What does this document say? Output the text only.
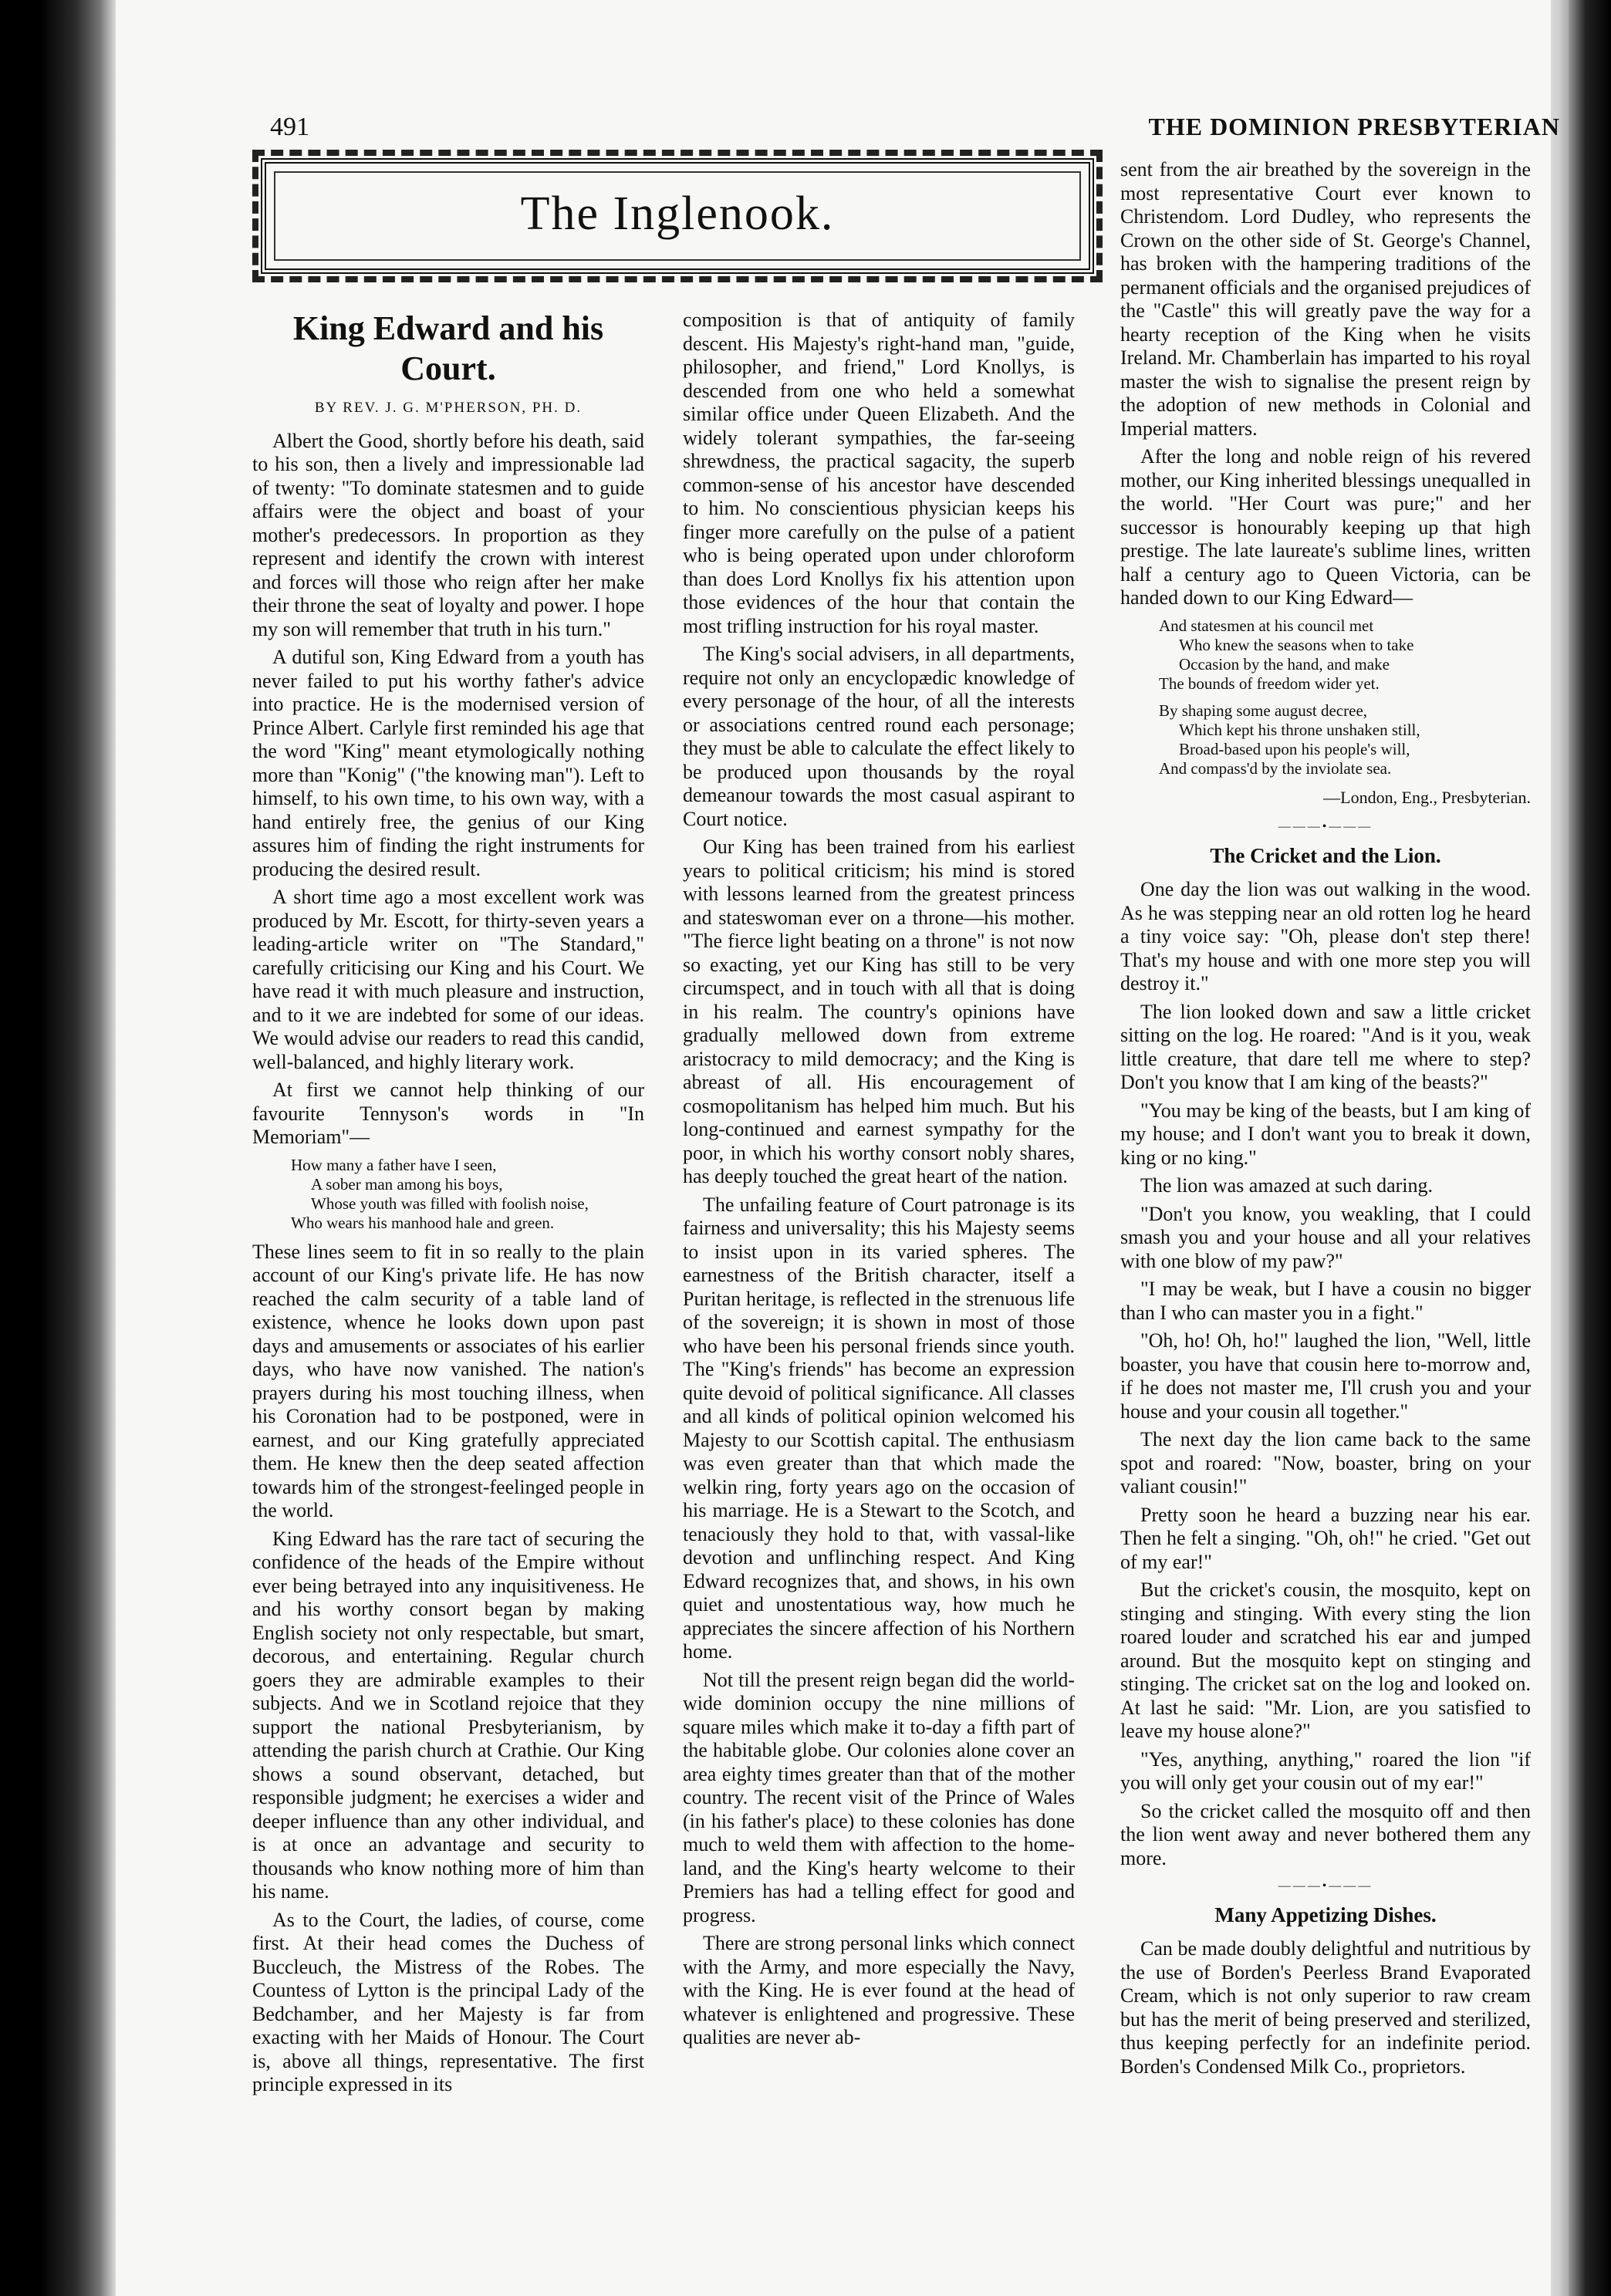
491	THE DOMINION PRESBYTERIAN
The Inglenook.
King Edward and his
Court.
BY REV. J. G. M'PHERSON, PH. D.

Albert the Good, shortly before his death, said to his son, then a lively and impressionable lad of twenty: "To dominate statesmen and to guide affairs were the object and boast of your mother's predecessors. In proportion as they represent and identify the crown with interest and forces will those who reign after her make their throne the seat of loyalty and power. I hope my son will remember that truth in his turn."

A dutiful son, King Edward from a youth has never failed to put his worthy father's advice into practice. He is the modernised version of Prince Albert. Carlyle first reminded his age that the word "King" meant etymologically nothing more than "Konig" ("the knowing man"). Left to himself, to his own time, to his own way, with a hand entirely free, the genius of our King assures him of finding the right instruments for producing the desired result.

A short time ago a most excellent work was produced by Mr. Escott, for thirty-seven years a leading-article writer on "The Standard," carefully criticising our King and his Court. We have read it with much pleasure and instruction, and to it we are indebted for some of our ideas. We would advise our readers to read this candid, well-balanced, and highly literary work.

At first we cannot help thinking of our favourite Tennyson's words in "In Memoriam"—

How many a father have I seen,
A sober man among his boys,
Whose youth was filled with foolish noise,
Who wears his manhood hale and green.

These lines seem to fit in so really to the plain account of our King's private life. He has now reached the calm security of a table land of existence, whence he looks down upon past days and amusements or associates of his earlier days, who have now vanished. The nation's prayers during his most touching illness, when his Coronation had to be postponed, were in earnest, and our King gratefully appreciated them. He knew then the deep seated affection towards him of the strongest-feelinged people in the world.

King Edward has the rare tact of securing the confidence of the heads of the Empire without ever being betrayed into any inquisitiveness. He and his worthy consort began by making English society not only respectable, but smart, decorous, and entertaining. Regular church goers they are admirable examples to their subjects. And we in Scotland rejoice that they support the national Presbyterianism, by attending the parish church at Crathie. Our King shows a sound observant, detached, but responsible judgment; he exercises a wider and deeper influence than any other individual, and is at once an advantage and security to thousands who know nothing more of him than his name.

As to the Court, the ladies, of course, come first. At their head comes the Duchess of Buccleuch, the Mistress of the Robes. The Countess of Lytton is the principal Lady of the Bedchamber, and her Majesty is far from exacting with her Maids of Honour. The Court is, above all things, representative. The first principle expressed in its

composition is that of antiquity of family descent. His Majesty's right-hand man, "guide, philosopher, and friend," Lord Knollys, is descended from one who held a somewhat similar office under Queen Elizabeth. And the widely tolerant sympathies, the far-seeing shrewdness, the practical sagacity, the superb common-sense of his ancestor have descended to him. No conscientious physician keeps his finger more carefully on the pulse of a patient who is being operated upon under chloroform than does Lord Knollys fix his attention upon those evidences of the hour that contain the most trifling instruction for his royal master.

The King's social advisers, in all departments, require not only an encyclopædic knowledge of every personage of the hour, of all the interests or associations centred round each personage; they must be able to calculate the effect likely to be produced upon thousands by the royal demeanour towards the most casual aspirant to Court notice.

Our King has been trained from his earliest years to political criticism; his mind is stored with lessons learned from the greatest princess and stateswoman ever on a throne—his mother. "The fierce light beating on a throne" is not now so exacting, yet our King has still to be very circumspect, and in touch with all that is doing in his realm. The country's opinions have gradually mellowed down from extreme aristocracy to mild democracy; and the King is abreast of all. His encouragement of cosmopolitanism has helped him much. But his long-continued and earnest sympathy for the poor, in which his worthy consort nobly shares, has deeply touched the great heart of the nation.

The unfailing feature of Court patronage is its fairness and universality; this his Majesty seems to insist upon in its varied spheres. The earnestness of the British character, itself a Puritan heritage, is reflected in the strenuous life of the sovereign; it is shown in most of those who have been his personal friends since youth. The "King's friends" has become an expression quite devoid of political significance. All classes and all kinds of political opinion welcomed his Majesty to our Scottish capital. The enthusiasm was even greater than that which made the welkin ring, forty years ago on the occasion of his marriage. He is a Stewart to the Scotch, and tenaciously they hold to that, with vassal-like devotion and unflinching respect. And King Edward recognizes that, and shows, in his own quiet and unostentatious way, how much he appreciates the sincere affection of his Northern home.

Not till the present reign began did the world-wide dominion occupy the nine millions of square miles which make it to-day a fifth part of the habitable globe. Our colonies alone cover an area eighty times greater than that of the mother country. The recent visit of the Prince of Wales (in his father's place) to these colonies has done much to weld them with affection to the home-land, and the King's hearty welcome to their Premiers has had a telling effect for good and progress.

There are strong personal links which connect with the Army, and more especially the Navy, with the King. He is ever found at the head of whatever is enlightened and progressive. These qualities are never ab-

sent from the air breathed by the sovereign in the most representative Court ever known to Christendom. Lord Dudley, who represents the Crown on the other side of St. George's Channel, has broken with the hampering traditions of the permanent officials and the organised prejudices of the "Castle" this will greatly pave the way for a hearty reception of the King when he visits Ireland. Mr. Chamberlain has imparted to his royal master the wish to signalise the present reign by the adoption of new methods in Colonial and Imperial matters.

After the long and noble reign of his revered mother, our King inherited blessings unequalled in the world. "Her Court was pure;" and her successor is honourably keeping up that high prestige. The late laureate's sublime lines, written half a century ago to Queen Victoria, can be handed down to our King Edward—

And statesmen at his council met
Who knew the seasons when to take
Occasion by the hand, and make
The bounds of freedom wider yet.
By shaping some august decree,
Which kept his throne unshaken still,
Broad-based upon his people's will,
And compass'd by the inviolate sea.
—London, Eng., Presbyterian.
———•———
The Cricket and the Lion.

One day the lion was out walking in the wood. As he was stepping near an old rotten log he heard a tiny voice say: "Oh, please don't step there! That's my house and with one more step you will destroy it."

The lion looked down and saw a little cricket sitting on the log. He roared: "And is it you, weak little creature, that dare tell me where to step? Don't you know that I am king of the beasts?"

"You may be king of the beasts, but I am king of my house; and I don't want you to break it down, king or no king."

The lion was amazed at such daring.

"Don't you know, you weakling, that I could smash you and your house and all your relatives with one blow of my paw?"

"I may be weak, but I have a cousin no bigger than I who can master you in a fight."

"Oh, ho! Oh, ho!" laughed the lion, "Well, little boaster, you have that cousin here to-morrow and, if he does not master me, I'll crush you and your house and your cousin all together."

The next day the lion came back to the same spot and roared: "Now, boaster, bring on your valiant cousin!"

Pretty soon he heard a buzzing near his ear. Then he felt a singing. "Oh, oh!" he cried. "Get out of my ear!"

But the cricket's cousin, the mosquito, kept on stinging and stinging. With every sting the lion roared louder and scratched his ear and jumped around. But the mosquito kept on stinging and stinging. The cricket sat on the log and looked on. At last he said: "Mr. Lion, are you satisfied to leave my house alone?"

"Yes, anything, anything," roared the lion "if you will only get your cousin out of my ear!"

So the cricket called the mosquito off and then the lion went away and never bothered them any more.

———•———
Many Appetizing Dishes.

Can be made doubly delightful and nutritious by the use of Borden's Peerless Brand Evaporated Cream, which is not only superior to raw cream but has the merit of being preserved and sterilized, thus keeping perfectly for an indefinite period. Borden's Condensed Milk Co., proprietors.
